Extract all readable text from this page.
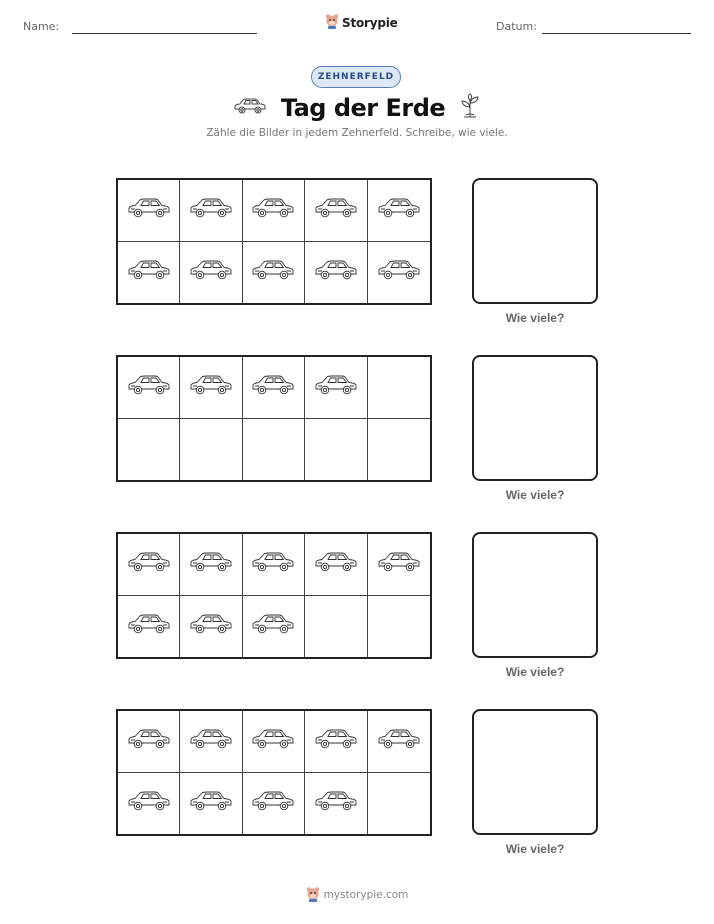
Name:	Storypie	Datum:
ZEHNERFELD
Tag der Erde
Zähle die Bilder in jedem Zehnerfeld. Schreibe, wie viele.
Wie viele?
Wie viele?
Wie viele?
Wie viele?
mystorypie.com
